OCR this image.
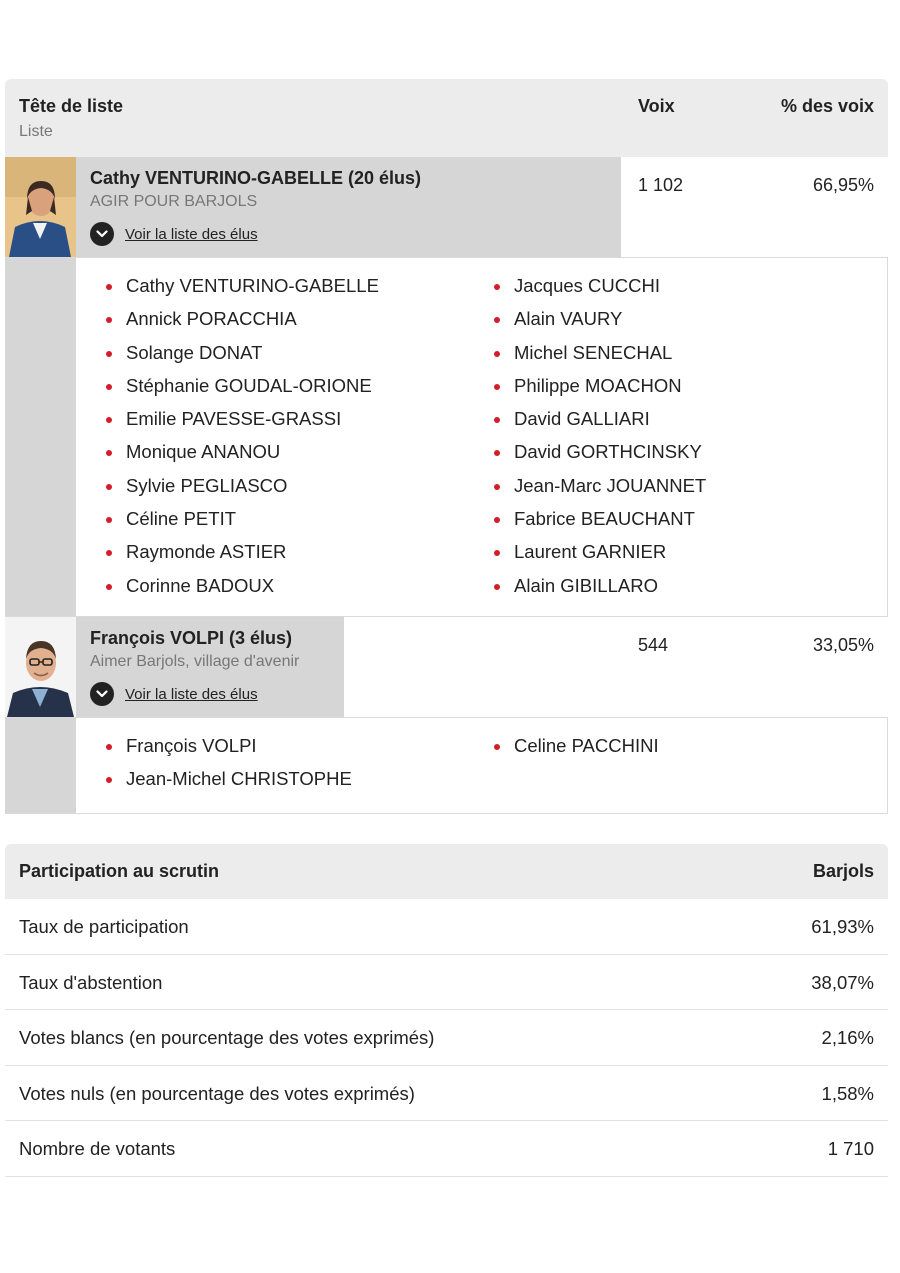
Tête de liste
Liste
Voix	% des voix
Cathy VENTURINO-GABELLE (20 élus)
AGIR POUR BARJOLS
Voir la liste des élus
1 102	66,95%
Cathy VENTURINO-GABELLE
Annick PORACCHIA
Solange DONAT
Stéphanie GOUDAL-ORIONE
Emilie PAVESSE-GRASSI
Monique ANANOU
Sylvie PEGLIASCO
Céline PETIT
Raymonde ASTIER
Corinne BADOUX
Jacques CUCCHI
Alain VAURY
Michel SENECHAL
Philippe MOACHON
David GALLIARI
David GORTHCINSKY
Jean-Marc JOUANNET
Fabrice BEAUCHANT
Laurent GARNIER
Alain GIBILLARO
François VOLPI (3 élus)
Aimer Barjols, village d'avenir
Voir la liste des élus
544	33,05%
François VOLPI
Jean-Michel CHRISTOPHE
Celine PACCHINI
Participation au scrutin	Barjols
Taux de participation	61,93%
Taux d'abstention	38,07%
Votes blancs (en pourcentage des votes exprimés)	2,16%
Votes nuls (en pourcentage des votes exprimés)	1,58%
Nombre de votants	1 710
